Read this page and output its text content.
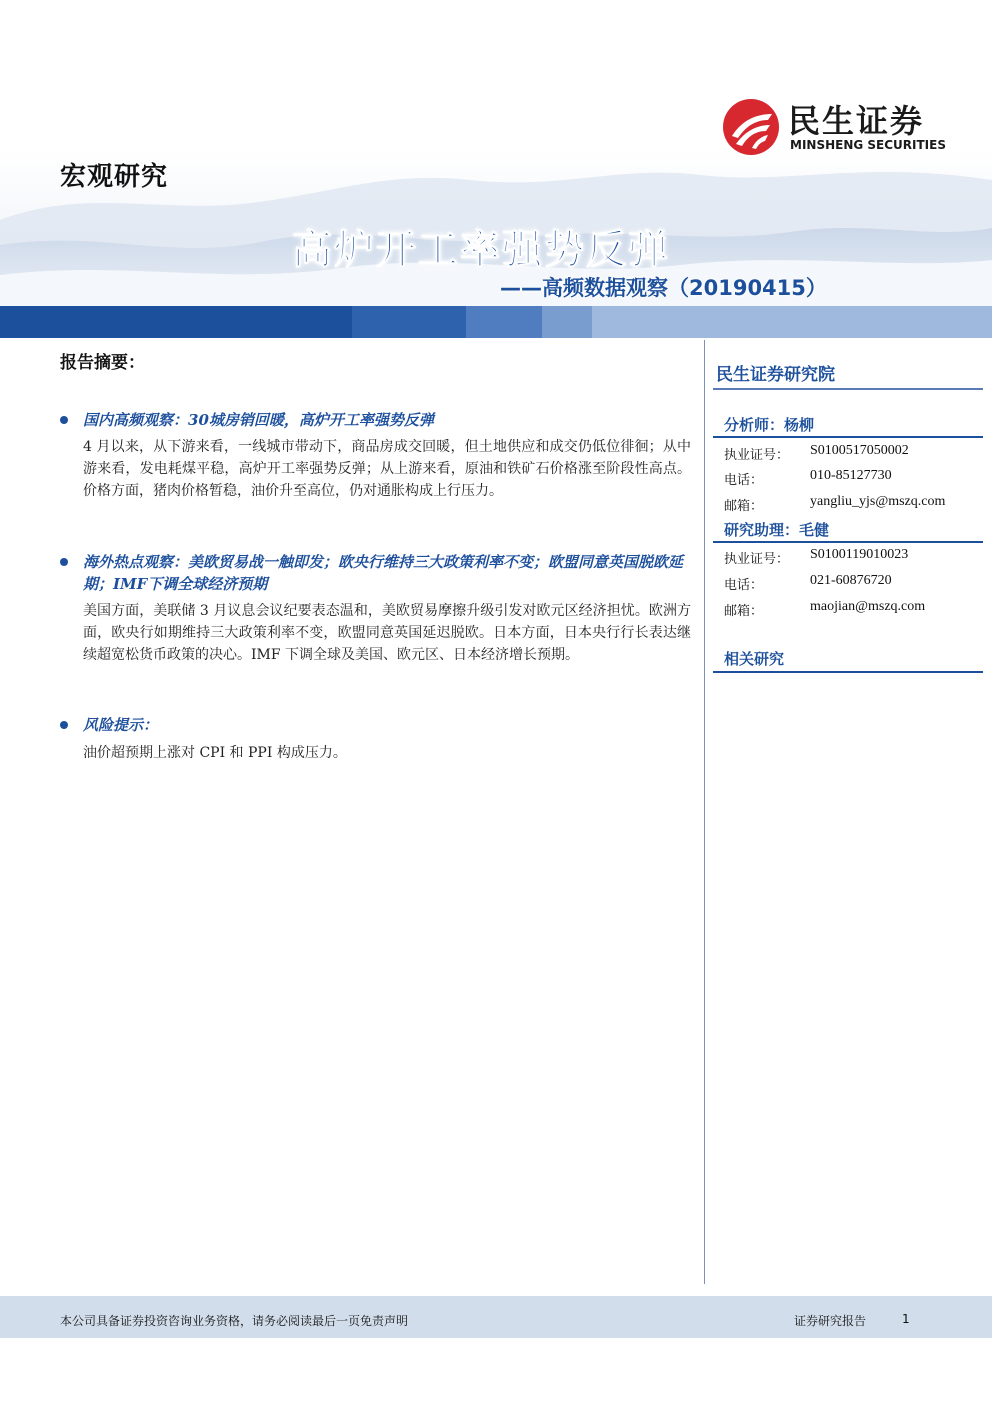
民生证券
MINSHENG SECURITIES
宏观研究
高炉开工率强势反弹
——高频数据观察（20190415）
宏观专题报告	2019 年 04 月 15 日
报告摘要：
国内高频观察：30城房销回暖，高炉开工率强势反弹
4 月以来，从下游来看，一线城市带动下，商品房成交回暖，但土地供应和成交仍低位徘徊；从中游来看，发电耗煤平稳，高炉开工率强势反弹；从上游来看，原油和铁矿石价格涨至阶段性高点。价格方面，猪肉价格暂稳，油价升至高位，仍对通胀构成上行压力。
海外热点观察：美欧贸易战一触即发；欧央行维持三大政策利率不变；欧盟同意英国脱欧延期；IMF下调全球经济预期
美国方面，美联储 3 月议息会议纪要表态温和，美欧贸易摩擦升级引发对欧元区经济担忧。欧洲方面，欧央行如期维持三大政策利率不变，欧盟同意英国延迟脱欧。日本方面，日本央行行长表达继续超宽松货币政策的决心。IMF 下调全球及美国、欧元区、日本经济增长预期。
风险提示：
油价超预期上涨对 CPI 和 PPI 构成压力。
民生证券研究院
分析师：杨柳
执业证号： S0100517050002
电话：	010-85127730
邮箱：	yangliu_yjs@mszq.com
研究助理：毛健
执业证号： S0100119010023
电话：	021-60876720
邮箱：	maojian@mszq.com
相关研究
本公司具备证券投资咨询业务资格，请务必阅读最后一页免责声明	证券研究报告	1
